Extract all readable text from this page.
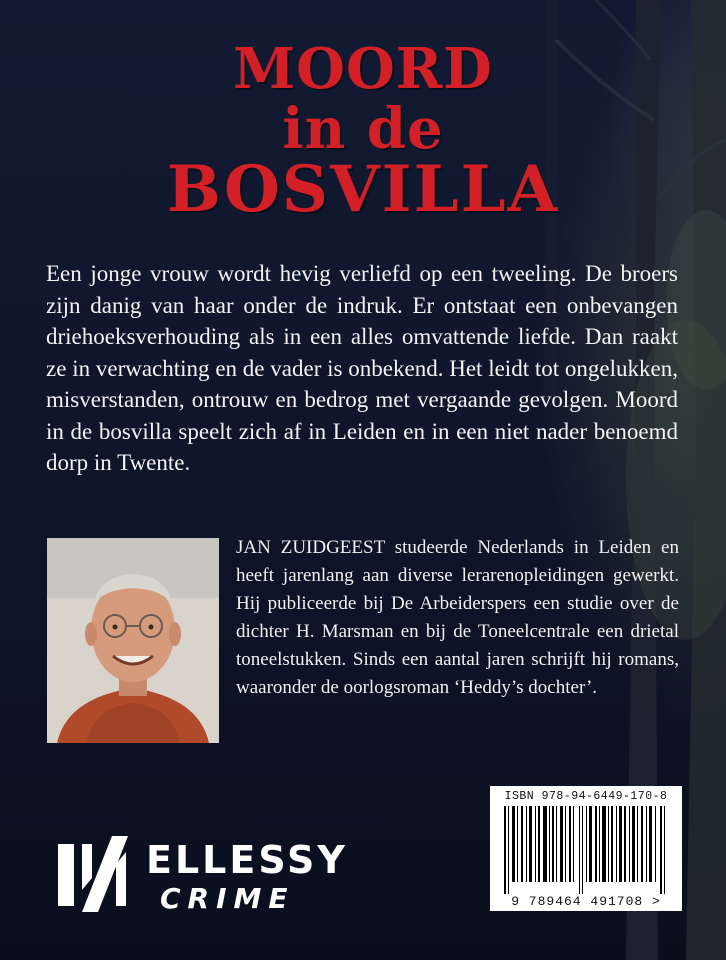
MOORD
in de
BOSVILLA

Een jonge vrouw wordt hevig verliefd op een tweeling. De broers zijn danig van haar onder de indruk. Er ontstaat een onbevangen driehoeksverhouding als in een alles omvattende liefde. Dan raakt ze in verwachting en de vader is onbekend. Het leidt tot ongelukken, misverstanden, ontrouw en bedrog met vergaande gevolgen. Moord in de bosvilla speelt zich af in Leiden en in een niet nader benoemd dorp in Twente.

JAN ZUIDGEEST studeerde Nederlands in Leiden en heeft jarenlang aan diverse lerarenopleidingen gewerkt. Hij publiceerde bij De Arbeiderspers een studie over de dichter H. Marsman en bij de Toneelcentrale een drietal toneelstukken. Sinds een aantal jaren schrijft hij romans, waaronder de oorlogsroman ‘Heddy’s dochter’.

ISBN 978-94-6449-170-8
9 789464 491708 >
ELLESSY
CRIME
